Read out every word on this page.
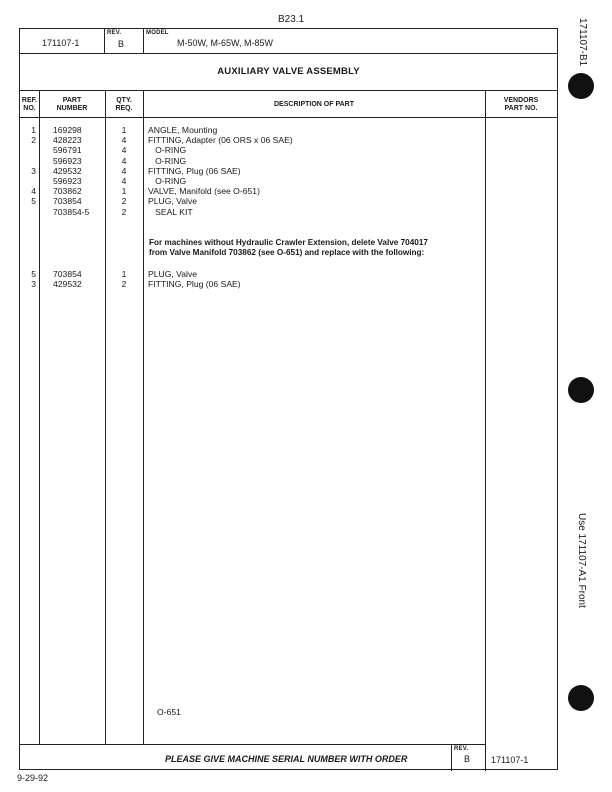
B23.1
171107-1
REV.
B
MODEL
M-50W, M-65W, M-85W
AUXILIARY VALVE ASSEMBLY
REF.
NO.
PART
NUMBER
QTY.
REQ.
DESCRIPTION OF PART
VENDORS
PART NO.
1 169298	1	ANGLE, Mounting
2 428223	4	FITTING, Adapter (06 ORS x 06 SAE)
596791	4	O-RING
596923	4	O-RING
3 429532	4	FITTING, Plug (06 SAE)
596923	4	O-RING
4 703862	1	VALVE, Manifold (see O-651)
5 703854	2	PLUG, Valve
703854-5	2	SEAL KIT
For machines without Hydraulic Crawler Extension, delete Valve 704017
from Valve Manifold 703862 (see O-651) and replace with the following:
5 703854	1	PLUG, Valve
3 429532	2	FITTING, Plug (06 SAE)
O-651
PLEASE GIVE MACHINE SERIAL NUMBER WITH ORDER
REV.
B 171107-1
9-29-92
171107-B1
Use 171107-A1 Front
